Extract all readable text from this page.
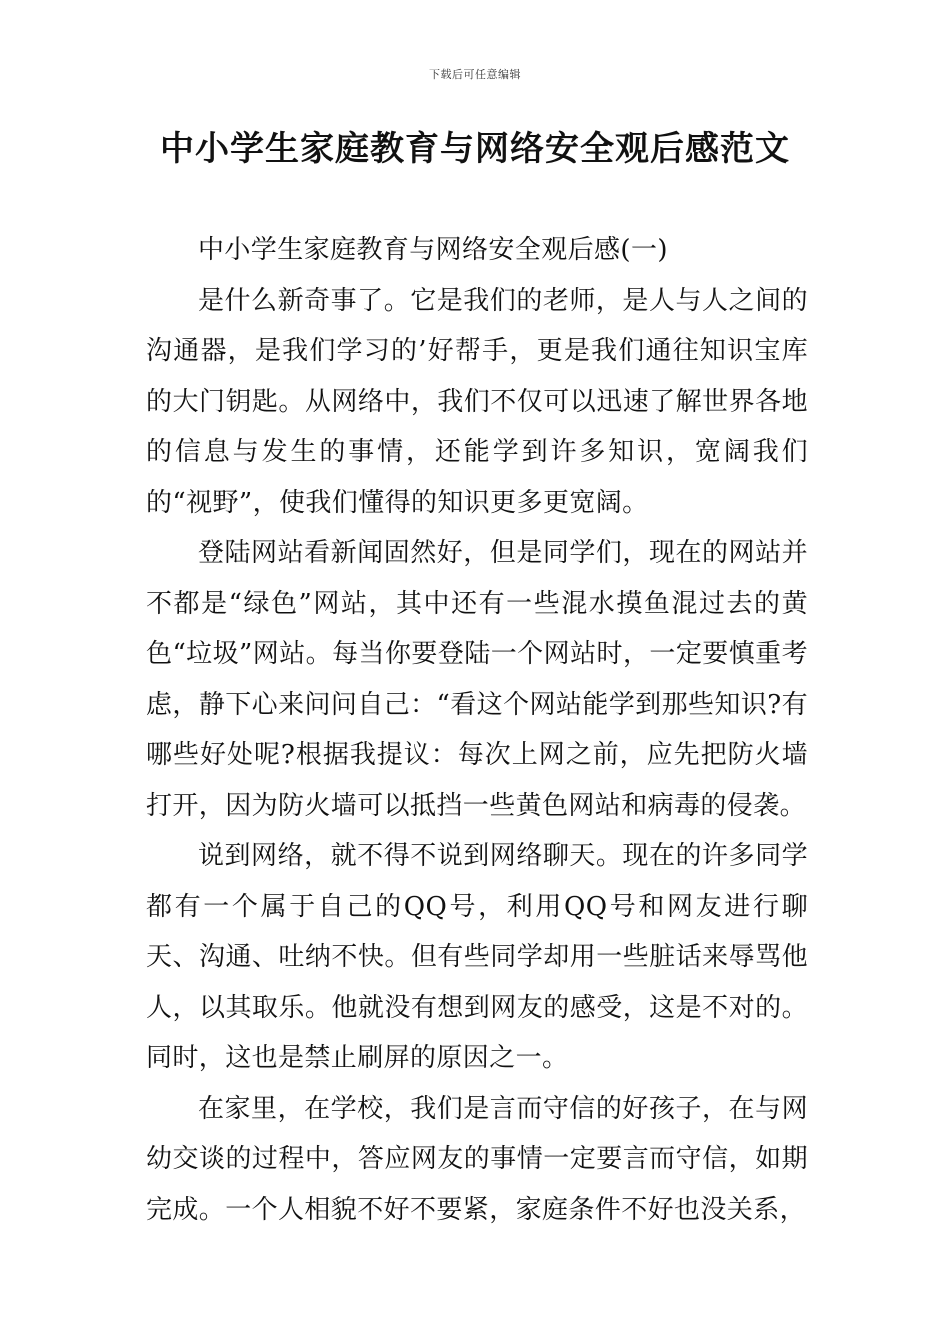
下载后可任意编辑
中小学生家庭教育与网络安全观后感范文

中小学生家庭教育与网络安全观后感(一)

是什么新奇事了。它是我们的老师，是人与人之间的沟通器，是我们学习的’好帮手，更是我们通往知识宝库的大门钥匙。从网络中，我们不仅可以迅速了解世界各地的信息与发生的事情，还能学到许多知识，宽阔我们的“视野”，使我们懂得的知识更多更宽阔。

登陆网站看新闻固然好，但是同学们，现在的网站并不都是“绿色”网站，其中还有一些混水摸鱼混过去的黄色“垃圾”网站。每当你要登陆一个网站时，一定要慎重考虑，静下心来问问自己：“看这个网站能学到那些知识?有哪些好处呢?根据我提议：每次上网之前，应先把防火墙打开，因为防火墙可以抵挡一些黄色网站和病毒的侵袭。

说到网络，就不得不说到网络聊天。现在的许多同学都有一个属于自己的QQ号，利用QQ号和网友进行聊天、沟通、吐纳不快。但有些同学却用一些脏话来辱骂他人，以其取乐。他就没有想到网友的感受，这是不对的。同时，这也是禁止刷屏的原因之一。

在家里，在学校，我们是言而守信的好孩子，在与网幼交谈的过程中，答应网友的事情一定要言而守信，如期完成。一个人相貌不好不要紧，家庭条件不好也没关系，
